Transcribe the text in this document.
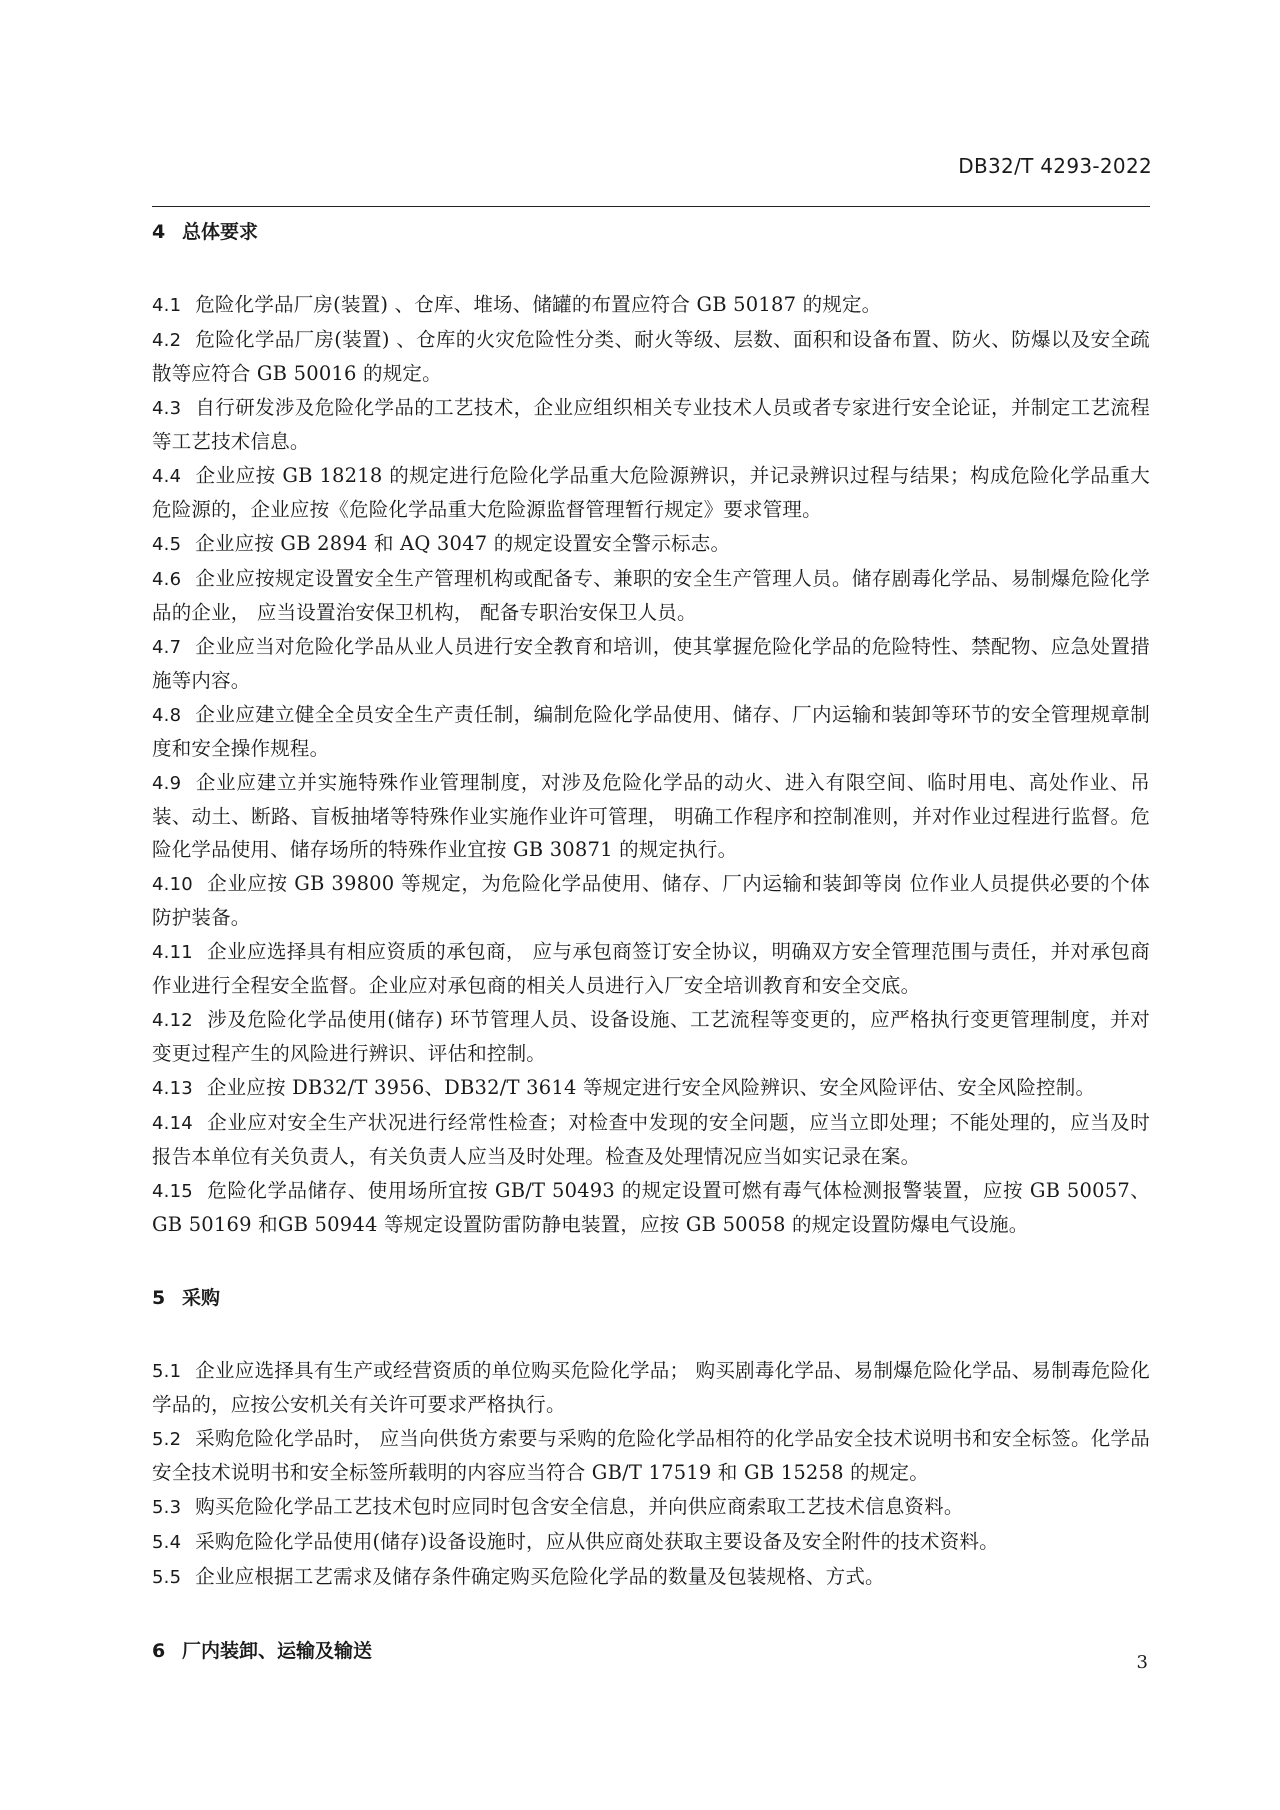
DB32/T 4293-2022
4 总体要求

4.1 危险化学品厂房(装置) 、仓库、堆场、储罐的布置应符合 GB 50187 的规定。

4.2 危险化学品厂房(装置) 、仓库的火灾危险性分类、耐火等级、层数、面积和设备布置、防火、防爆以及安全疏散等应符合 GB 50016 的规定。

4.3 自行研发涉及危险化学品的工艺技术，企业应组织相关专业技术人员或者专家进行安全论证，并制定工艺流程等工艺技术信息。

4.4 企业应按 GB 18218 的规定进行危险化学品重大危险源辨识，并记录辨识过程与结果；构成危险化学品重大危险源的，企业应按《危险化学品重大危险源监督管理暂行规定》要求管理。

4.5 企业应按 GB 2894 和 AQ 3047 的规定设置安全警示标志。

4.6 企业应按规定设置安全生产管理机构或配备专、兼职的安全生产管理人员。储存剧毒化学品、易制爆危险化学品的企业， 应当设置治安保卫机构， 配备专职治安保卫人员。

4.7 企业应当对危险化学品从业人员进行安全教育和培训，使其掌握危险化学品的危险特性、禁配物、应急处置措施等内容。

4.8 企业应建立健全全员安全生产责任制，编制危险化学品使用、储存、厂内运输和装卸等环节的安全管理规章制度和安全操作规程。

4.9 企业应建立并实施特殊作业管理制度，对涉及危险化学品的动火、进入有限空间、临时用电、高处作业、吊装、动土、断路、盲板抽堵等特殊作业实施作业许可管理， 明确工作程序和控制准则，并对作业过程进行监督。危险化学品使用、储存场所的特殊作业宜按 GB 30871 的规定执行。

4.10 企业应按 GB 39800 等规定，为危险化学品使用、储存、厂内运输和装卸等岗 位作业人员提供必要的个体防护装备。

4.11 企业应选择具有相应资质的承包商， 应与承包商签订安全协议，明确双方安全管理范围与责任，并对承包商作业进行全程安全监督。企业应对承包商的相关人员进行入厂安全培训教育和安全交底。

4.12 涉及危险化学品使用(储存) 环节管理人员、设备设施、工艺流程等变更的，应严格执行变更管理制度，并对变更过程产生的风险进行辨识、评估和控制。

4.13 企业应按 DB32/T 3956、DB32/T 3614 等规定进行安全风险辨识、安全风险评估、安全风险控制。

4.14 企业应对安全生产状况进行经常性检查；对检查中发现的安全问题，应当立即处理；不能处理的，应当及时报告本单位有关负责人，有关负责人应当及时处理。检查及处理情况应当如实记录在案。

4.15 危险化学品储存、使用场所宜按 GB/T 50493 的规定设置可燃有毒气体检测报警装置，应按 GB 50057、GB 50169 和GB 50944 等规定设置防雷防静电装置，应按 GB 50058 的规定设置防爆电气设施。

5 采购

5.1 企业应选择具有生产或经营资质的单位购买危险化学品； 购买剧毒化学品、易制爆危险化学品、易制毒危险化学品的，应按公安机关有关许可要求严格执行。

5.2 采购危险化学品时， 应当向供货方索要与采购的危险化学品相符的化学品安全技术说明书和安全标签。化学品安全技术说明书和安全标签所载明的内容应当符合 GB/T 17519 和 GB 15258 的规定。

5.3 购买危险化学品工艺技术包时应同时包含安全信息，并向供应商索取工艺技术信息资料。

5.4 采购危险化学品使用(储存)设备设施时，应从供应商处获取主要设备及安全附件的技术资料。

5.5 企业应根据工艺需求及储存条件确定购买危险化学品的数量及包装规格、方式。

6 厂内装卸、运输及输送
3
